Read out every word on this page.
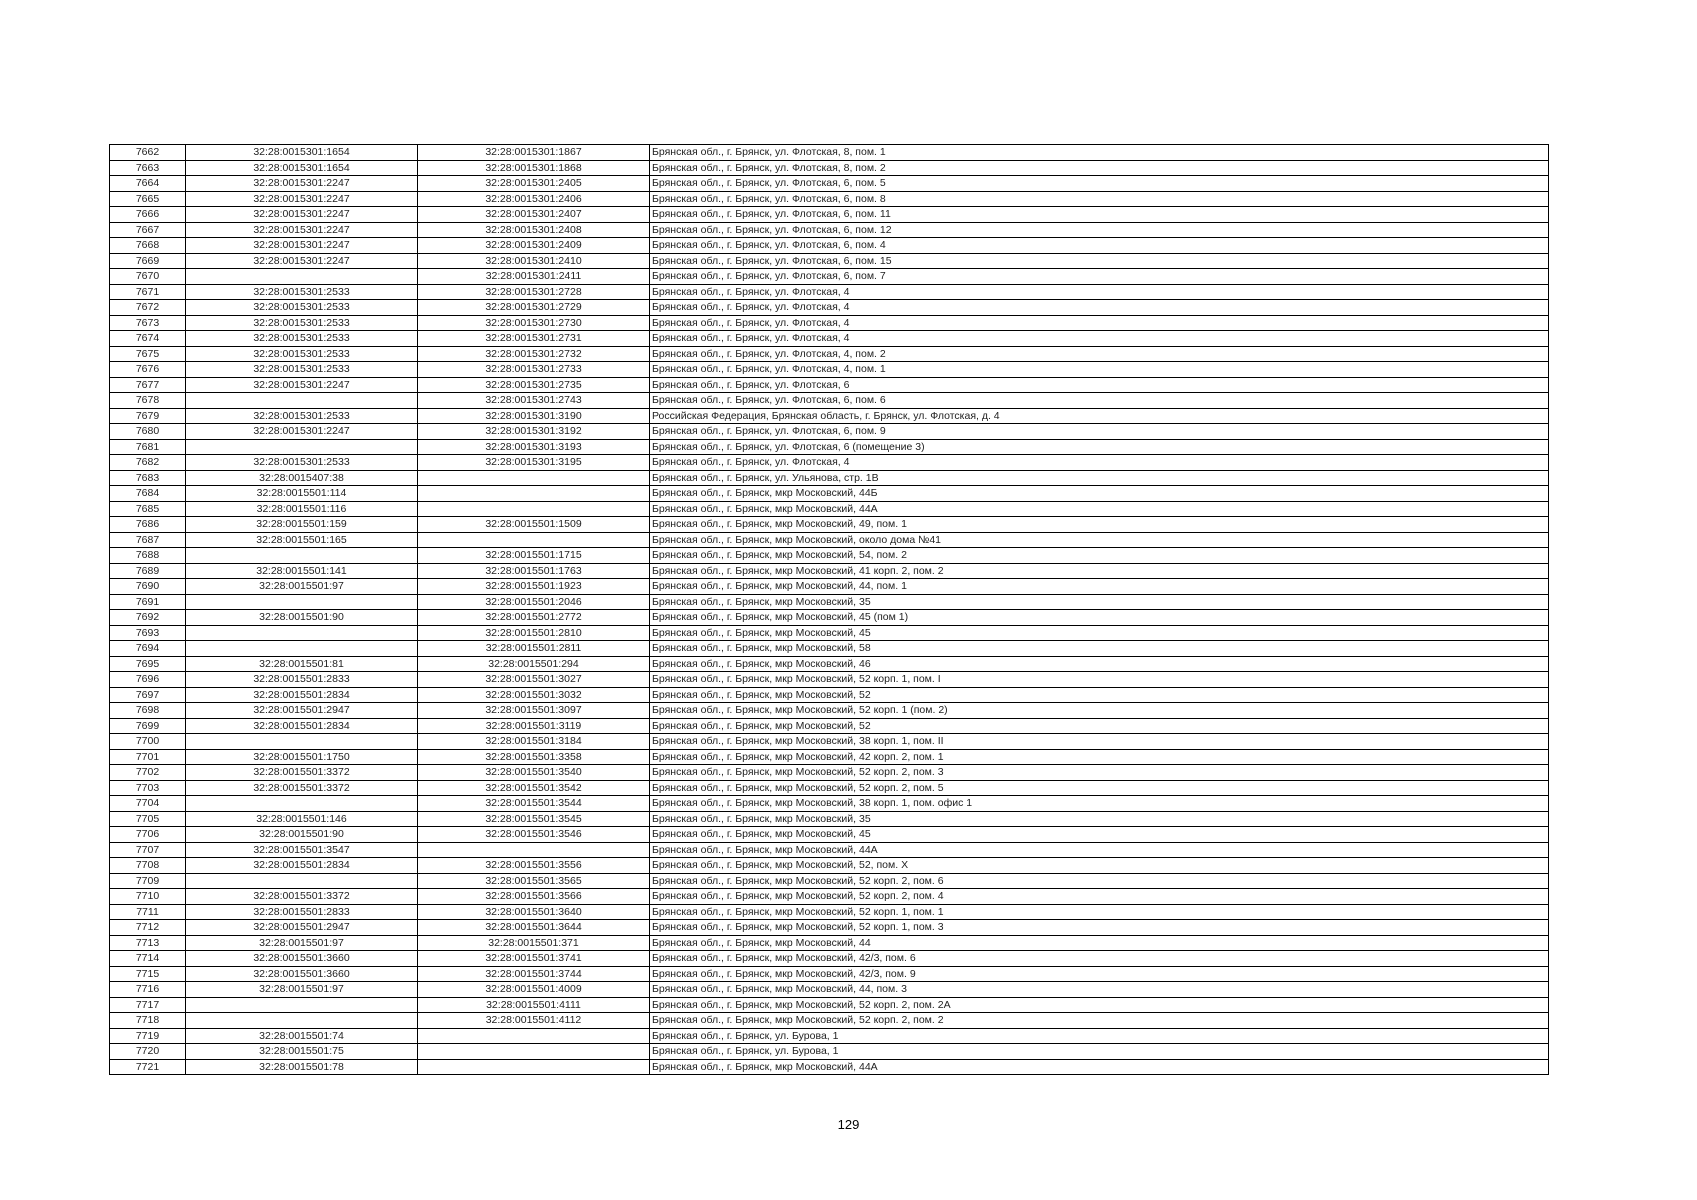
7662	32:28:0015301:1654	32:28:0015301:1867	Брянская обл., г. Брянск, ул. Флотская, 8, пом. 1
7663	32:28:0015301:1654	32:28:0015301:1868	Брянская обл., г. Брянск, ул. Флотская, 8, пом. 2
7664	32:28:0015301:2247	32:28:0015301:2405	Брянская обл., г. Брянск, ул. Флотская, 6, пом. 5
7665	32:28:0015301:2247	32:28:0015301:2406	Брянская обл., г. Брянск, ул. Флотская, 6, пом. 8
7666	32:28:0015301:2247	32:28:0015301:2407	Брянская обл., г. Брянск, ул. Флотская, 6, пом. 11
7667	32:28:0015301:2247	32:28:0015301:2408	Брянская обл., г. Брянск, ул. Флотская, 6, пом. 12
7668	32:28:0015301:2247	32:28:0015301:2409	Брянская обл., г. Брянск, ул. Флотская, 6, пом. 4
7669	32:28:0015301:2247	32:28:0015301:2410	Брянская обл., г. Брянск, ул. Флотская, 6, пом. 15
7670		32:28:0015301:2411	Брянская обл., г. Брянск, ул. Флотская, 6, пом. 7
7671	32:28:0015301:2533	32:28:0015301:2728	Брянская обл., г. Брянск, ул. Флотская, 4
7672	32:28:0015301:2533	32:28:0015301:2729	Брянская обл., г. Брянск, ул. Флотская, 4
7673	32:28:0015301:2533	32:28:0015301:2730	Брянская обл., г. Брянск, ул. Флотская, 4
7674	32:28:0015301:2533	32:28:0015301:2731	Брянская обл., г. Брянск, ул. Флотская, 4
7675	32:28:0015301:2533	32:28:0015301:2732	Брянская обл., г. Брянск, ул. Флотская, 4, пом. 2
7676	32:28:0015301:2533	32:28:0015301:2733	Брянская обл., г. Брянск, ул. Флотская, 4, пом. 1
7677	32:28:0015301:2247	32:28:0015301:2735	Брянская обл., г. Брянск, ул. Флотская, 6
7678		32:28:0015301:2743	Брянская обл., г. Брянск, ул. Флотская, 6, пом. 6
7679	32:28:0015301:2533	32:28:0015301:3190	Российская Федерация, Брянская область, г. Брянск, ул. Флотская, д. 4
7680	32:28:0015301:2247	32:28:0015301:3192	Брянская обл., г. Брянск, ул. Флотская, 6, пом. 9
7681		32:28:0015301:3193	Брянская обл., г. Брянск, ул. Флотская, 6 (помещение 3)
7682	32:28:0015301:2533	32:28:0015301:3195	Брянская обл., г. Брянск, ул. Флотская, 4
7683	32:28:0015407:38		Брянская обл., г. Брянск, ул. Ульянова, стр. 1В
7684	32:28:0015501:114		Брянская обл., г. Брянск, мкр Московский, 44Б
7685	32:28:0015501:116		Брянская обл., г. Брянск, мкр Московский, 44А
7686	32:28:0015501:159	32:28:0015501:1509	Брянская обл., г. Брянск, мкр Московский, 49, пом. 1
7687	32:28:0015501:165		Брянская обл., г. Брянск, мкр Московский, около дома №41
7688		32:28:0015501:1715	Брянская обл., г. Брянск, мкр Московский, 54, пом. 2
7689	32:28:0015501:141	32:28:0015501:1763	Брянская обл., г. Брянск, мкр Московский, 41 корп. 2, пом. 2
7690	32:28:0015501:97	32:28:0015501:1923	Брянская обл., г. Брянск, мкр Московский, 44, пом. 1
7691		32:28:0015501:2046	Брянская обл., г. Брянск, мкр Московский, 35
7692	32:28:0015501:90	32:28:0015501:2772	Брянская обл., г. Брянск, мкр Московский, 45 (пом 1)
7693		32:28:0015501:2810	Брянская обл., г. Брянск, мкр Московский, 45
7694		32:28:0015501:2811	Брянская обл., г. Брянск, мкр Московский, 58
7695	32:28:0015501:81	32:28:0015501:294	Брянская обл., г. Брянск, мкр Московский, 46
7696	32:28:0015501:2833	32:28:0015501:3027	Брянская обл., г. Брянск, мкр Московский, 52 корп. 1, пом. I
7697	32:28:0015501:2834	32:28:0015501:3032	Брянская обл., г. Брянск, мкр Московский, 52
7698	32:28:0015501:2947	32:28:0015501:3097	Брянская обл., г. Брянск, мкр Московский, 52 корп. 1 (пом. 2)
7699	32:28:0015501:2834	32:28:0015501:3119	Брянская обл., г. Брянск, мкр Московский, 52
7700		32:28:0015501:3184	Брянская обл., г. Брянск, мкр Московский, 38 корп. 1, пом. II
7701	32:28:0015501:1750	32:28:0015501:3358	Брянская обл., г. Брянск, мкр Московский, 42 корп. 2, пом. 1
7702	32:28:0015501:3372	32:28:0015501:3540	Брянская обл., г. Брянск, мкр Московский, 52 корп. 2, пом. 3
7703	32:28:0015501:3372	32:28:0015501:3542	Брянская обл., г. Брянск, мкр Московский, 52 корп. 2, пом. 5
7704		32:28:0015501:3544	Брянская обл., г. Брянск, мкр Московский, 38 корп. 1, пом. офис 1
7705	32:28:0015501:146	32:28:0015501:3545	Брянская обл., г. Брянск, мкр Московский, 35
7706	32:28:0015501:90	32:28:0015501:3546	Брянская обл., г. Брянск, мкр Московский, 45
7707	32:28:0015501:3547		Брянская обл., г. Брянск, мкр Московский, 44А
7708	32:28:0015501:2834	32:28:0015501:3556	Брянская обл., г. Брянск, мкр Московский, 52, пом. X
7709		32:28:0015501:3565	Брянская обл., г. Брянск, мкр Московский, 52 корп. 2, пом. 6
7710	32:28:0015501:3372	32:28:0015501:3566	Брянская обл., г. Брянск, мкр Московский, 52 корп. 2, пом. 4
7711	32:28:0015501:2833	32:28:0015501:3640	Брянская обл., г. Брянск, мкр Московский, 52 корп. 1, пом. 1
7712	32:28:0015501:2947	32:28:0015501:3644	Брянская обл., г. Брянск, мкр Московский, 52 корп. 1, пом. 3
7713	32:28:0015501:97	32:28:0015501:371	Брянская обл., г. Брянск, мкр Московский, 44
7714	32:28:0015501:3660	32:28:0015501:3741	Брянская обл., г. Брянск, мкр Московский, 42/3, пом. 6
7715	32:28:0015501:3660	32:28:0015501:3744	Брянская обл., г. Брянск, мкр Московский, 42/3, пом. 9
7716	32:28:0015501:97	32:28:0015501:4009	Брянская обл., г. Брянск, мкр Московский, 44, пом. 3
7717		32:28:0015501:4111	Брянская обл., г. Брянск, мкр Московский, 52 корп. 2, пом. 2А
7718		32:28:0015501:4112	Брянская обл., г. Брянск, мкр Московский, 52 корп. 2, пом. 2
7719	32:28:0015501:74		Брянская обл., г. Брянск, ул. Бурова, 1
7720	32:28:0015501:75		Брянская обл., г. Брянск, ул. Бурова, 1
7721	32:28:0015501:78		Брянская обл., г. Брянск, мкр Московский, 44А
129
